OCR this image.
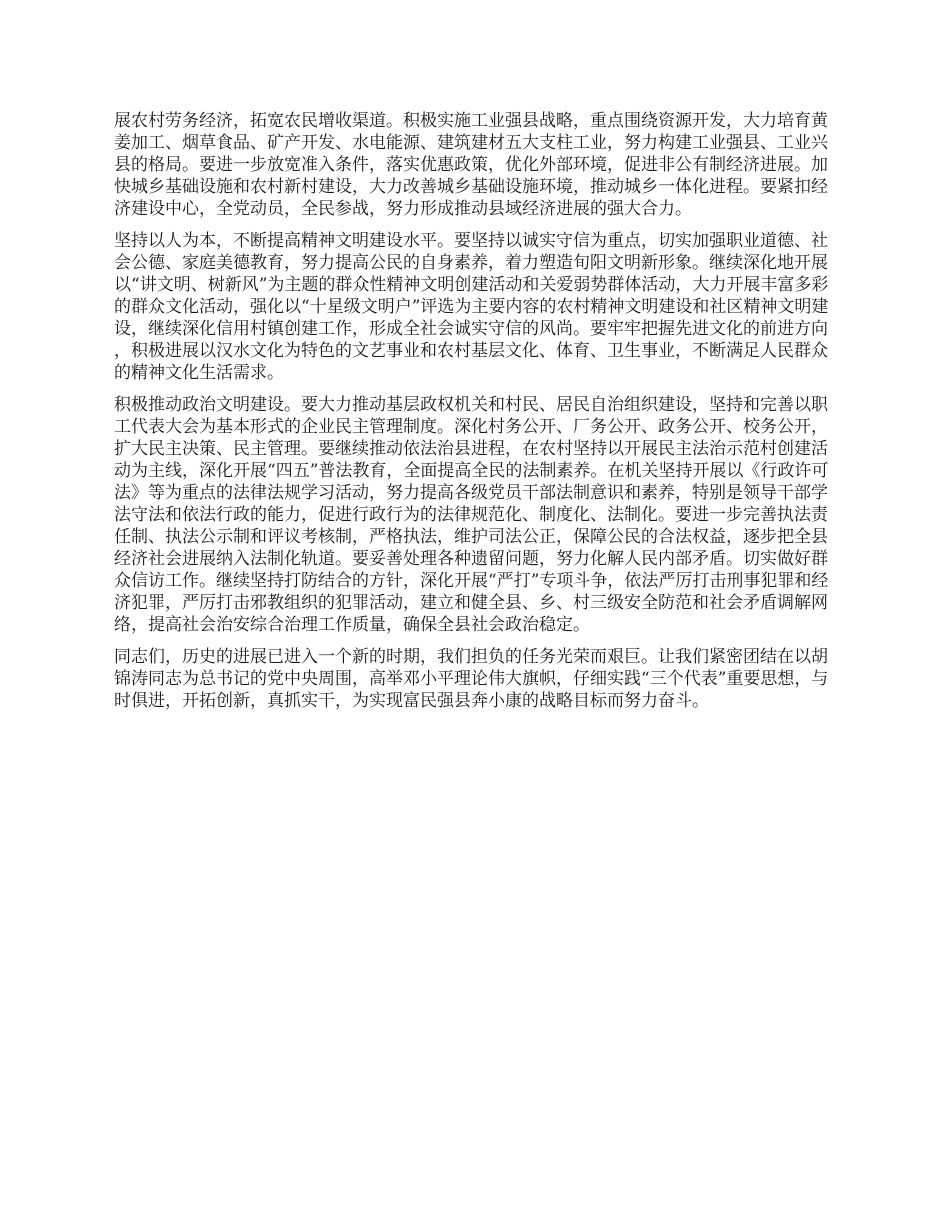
展农村劳务经济，拓宽农民增收渠道。积极实施工业强县战略，重点围绕资源开发，大力培育黄姜加工、烟草食品、矿产开发、水电能源、建筑建材五大支柱工业，努力构建工业强县、工业兴县的格局。要进一步放宽准入条件，落实优惠政策，优化外部环境，促进非公有制经济进展。加快城乡基础设施和农村新村建设，大力改善城乡基础设施环境，推动城乡一体化进程。要紧扣经济建设中心，全党动员，全民参战，努力形成推动县域经济进展的强大合力。

坚持以人为本，不断提高精神文明建设水平。要坚持以诚实守信为重点，切实加强职业道德、社会公德、家庭美德教育，努力提高公民的自身素养，着力塑造旬阳文明新形象。继续深化地开展以“讲文明、树新风”为主题的群众性精神文明创建活动和关爱弱势群体活动，大力开展丰富多彩的群众文化活动，强化以“十星级文明户”评选为主要内容的农村精神文明建设和社区精神文明建设，继续深化信用村镇创建工作，形成全社会诚实守信的风尚。要牢牢把握先进文化的前进方向，积极进展以汉水文化为特色的文艺事业和农村基层文化、体育、卫生事业，不断满足人民群众的精神文化生活需求。

积极推动政治文明建设。要大力推动基层政权机关和村民、居民自治组织建设，坚持和完善以职工代表大会为基本形式的企业民主管理制度。深化村务公开、厂务公开、政务公开、校务公开，扩大民主决策、民主管理。要继续推动依法治县进程，在农村坚持以开展民主法治示范村创建活动为主线，深化开展“四五”普法教育，全面提高全民的法制素养。在机关坚持开展以《行政许可法》等为重点的法律法规学习活动，努力提高各级党员干部法制意识和素养，特别是领导干部学法守法和依法行政的能力，促进行政行为的法律规范化、制度化、法制化。要进一步完善执法责任制、执法公示制和评议考核制，严格执法，维护司法公正，保障公民的合法权益，逐步把全县经济社会进展纳入法制化轨道。要妥善处理各种遗留问题，努力化解人民内部矛盾。切实做好群众信访工作。继续坚持打防结合的方针，深化开展“严打”专项斗争，依法严厉打击刑事犯罪和经济犯罪，严厉打击邪教组织的犯罪活动，建立和健全县、乡、村三级安全防范和社会矛盾调解网络，提高社会治安综合治理工作质量，确保全县社会政治稳定。

同志们，历史的进展已进入一个新的时期，我们担负的任务光荣而艰巨。让我们紧密团结在以胡锦涛同志为总书记的党中央周围，高举邓小平理论伟大旗帜，仔细实践“三个代表”重要思想，与时俱进，开拓创新，真抓实干，为实现富民强县奔小康的战略目标而努力奋斗。
